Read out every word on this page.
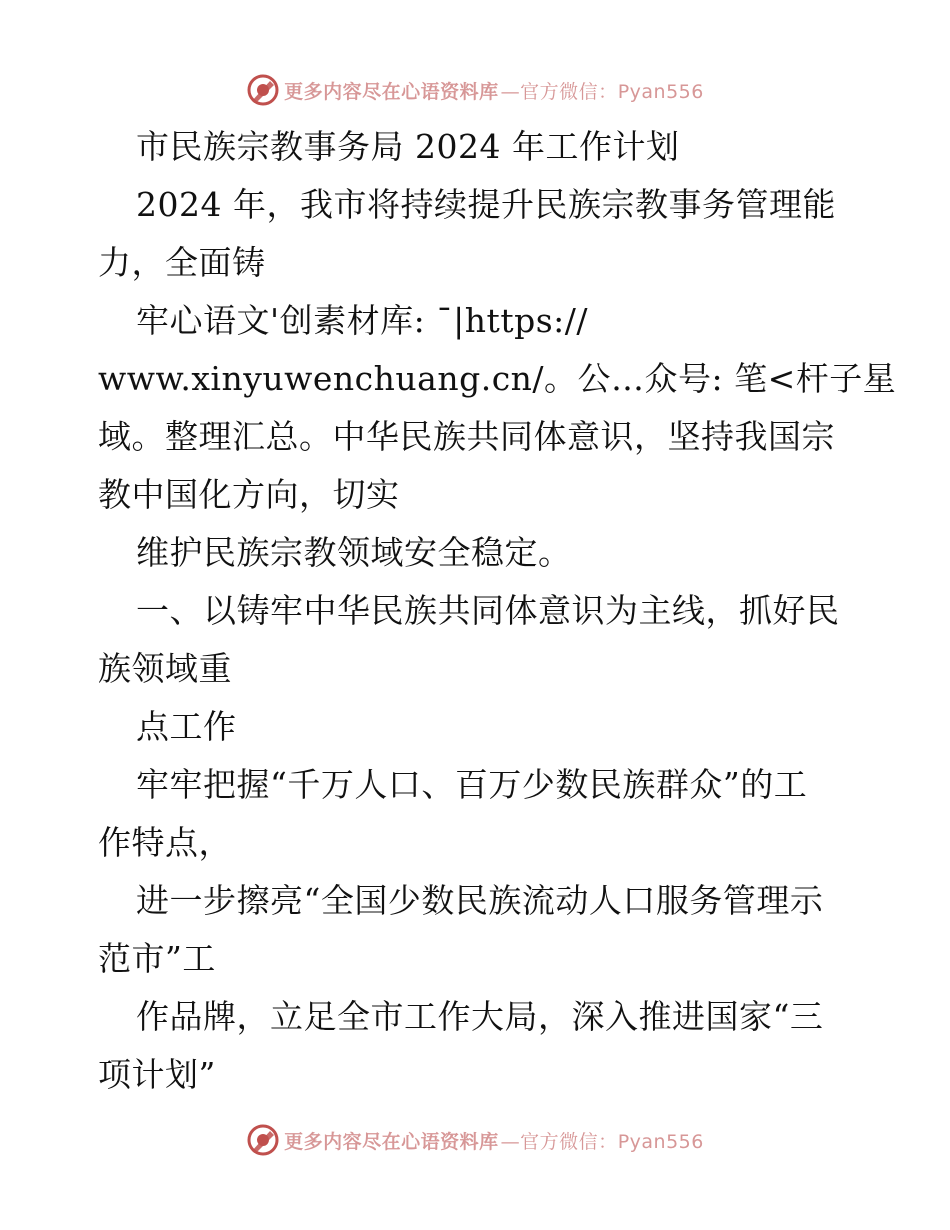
更多内容尽在心语资料库 —官方微信： Pyan556
市民族宗教事务局 2024 年工作计划
2024 年，我市将持续提升民族宗教事务管理能
力，全面铸
牢心语文'创素材库: ¯|https://
www.xinyuwenchuang.cn/。公…众号: 笔<杆子星
域。整理汇总。中华民族共同体意识，坚持我国宗
教中国化方向，切实
维护民族宗教领域安全稳定。
一、以铸牢中华民族共同体意识为主线，抓好民
族领域重
点工作
牢牢把握“千万人口、百万少数民族群众”的工
作特点，
进一步擦亮“全国少数民族流动人口服务管理示
范市”工
作品牌，立足全市工作大局，深入推进国家“三
项计划”
更多内容尽在心语资料库 —官方微信： Pyan556
